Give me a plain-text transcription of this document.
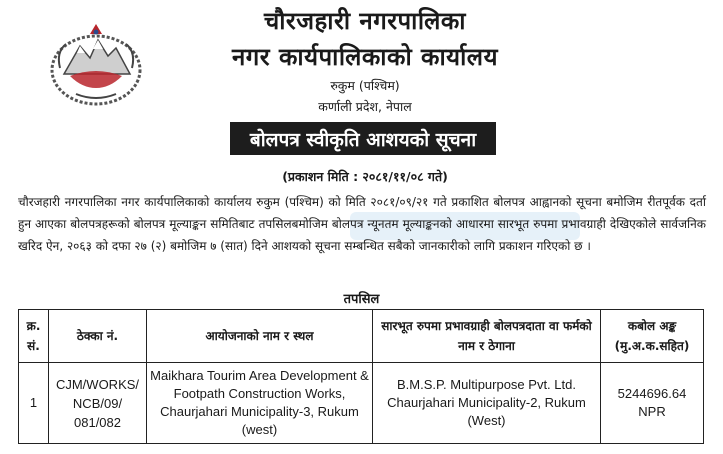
चौरजहारी नगरपालिका
नगर कार्यपालिकाको कार्यालय
रुकुम (पश्चिम)
कर्णाली प्रदेश, नेपाल
बोलपत्र स्वीकृति आशयको सूचना
(प्रकाशन मिति : २०८१/११/०८ गते)

चौरजहारी नगरपालिका नगर कार्यपालिकाको कार्यालय रुकुम (पश्चिम) को मिति २०८१/०९/२१ गते प्रकाशित बोलपत्र आह्वानको सूचना बमोजिम रीतपूर्वक दर्ता हुन आएका बोलपत्रहरूको बोलपत्र मूल्याङ्कन समितिबाट तपसिलबमोजिम बोलपत्र न्यूनतम मूल्याङ्कनको आधारमा सारभूत रुपमा प्रभावग्राही देखिएकोले सार्वजनिक खरिद ऐन, २०६३ को दफा २७ (२) बमोजिम ७ (सात) दिने आशयको सूचना सम्बन्धित सबैको जानकारीको लागि प्रकाशन गरिएको छ ।

तपसिल
क्र. सं.	ठेक्का नं.	आयोजनाको नाम र स्थल	सारभूत रुपमा प्रभावग्राही बोलपत्रदाता वा फर्मको नाम र ठेगाना	कबोल अङ्क (मु.अ.क.सहित)
1	CJM/WORKS/ NCB/09/ 081/082	Maikhara Tourim Area Development & Footpath Construction Works, Chaurjahari Municipality-3, Rukum (west)	B.M.S.P. Multipurpose Pvt. Ltd. Chaurjahari Municipality-2, Rukum (West)	5244696.64 NPR
